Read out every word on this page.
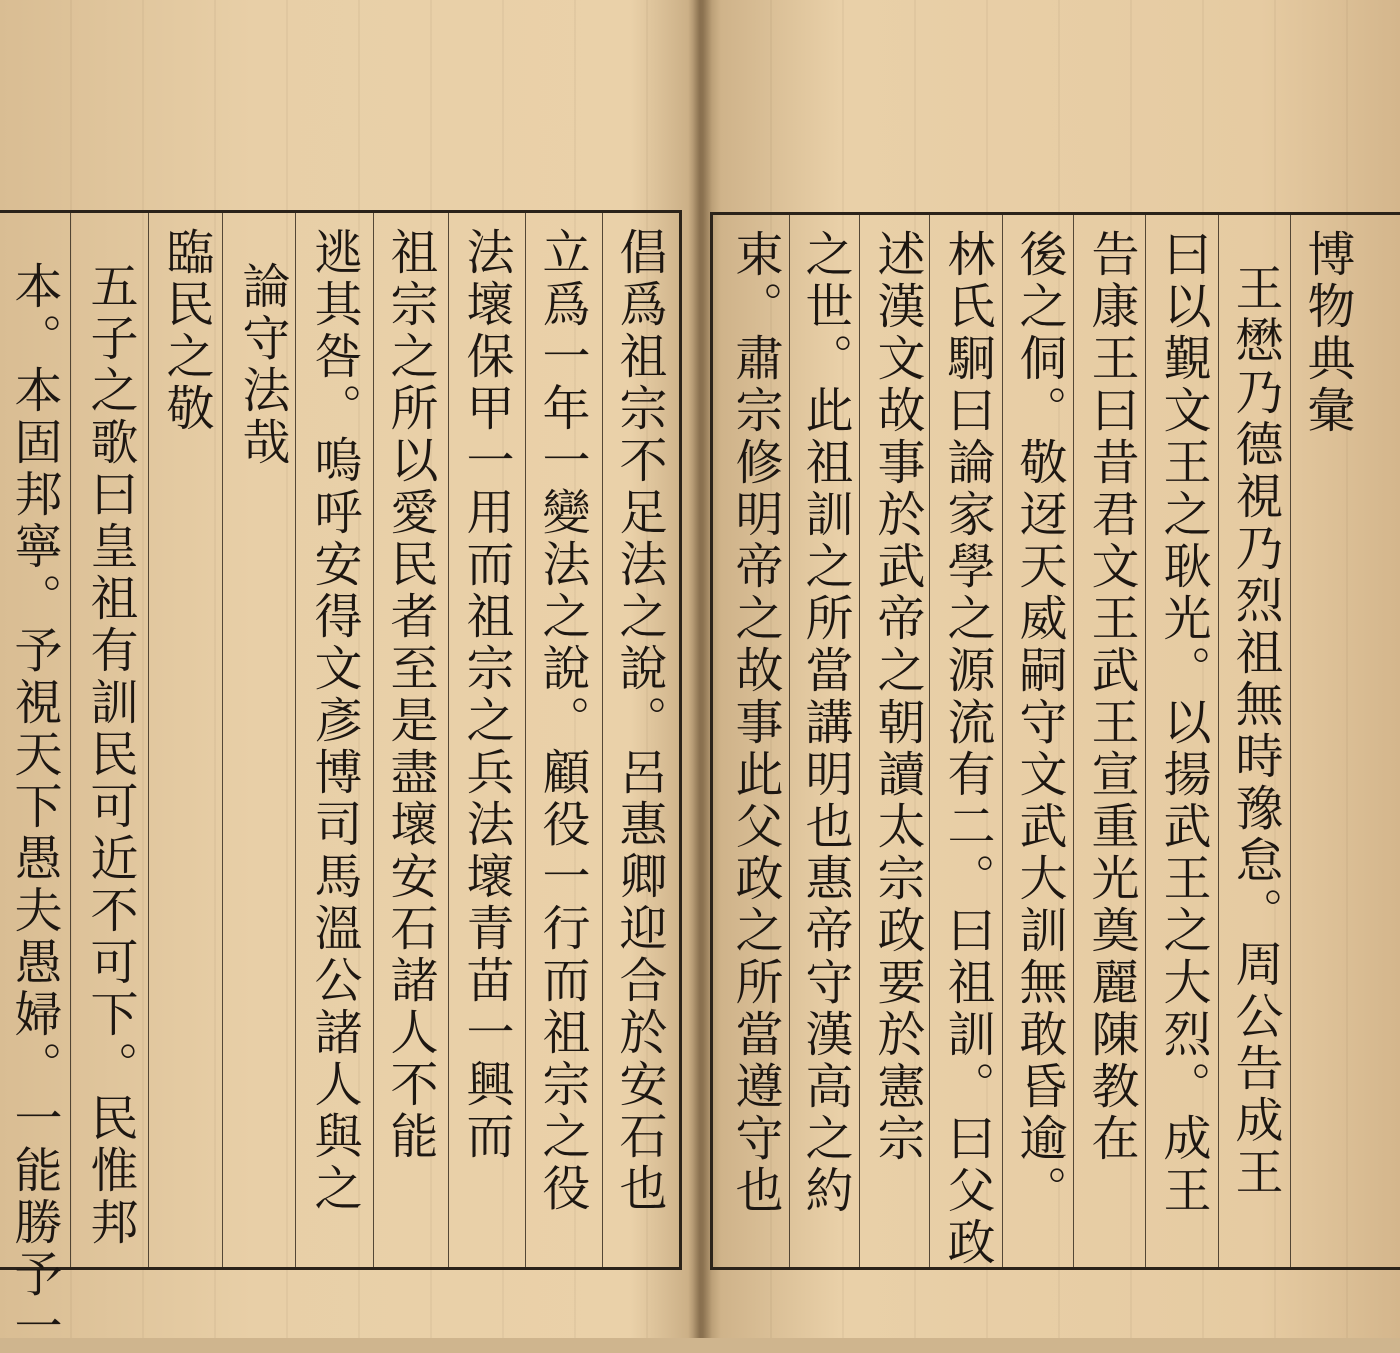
倡爲祖宗不足法之說。呂惠卿迎合於安石也
立爲一年一變法之說。顧役一行而祖宗之役
法壞保甲一用而祖宗之兵法壞青苗一興而
祖宗之所以愛民者至是盡壞安石諸人不能
逃其咎。嗚呼安得文彥博司馬溫公諸人與之
論守法哉
臨民之敬
五子之歌曰皇祖有訓民可近不可下。民惟邦
本。本固邦寧。予視天下愚夫愚婦。一能勝予一	博物典彙
王懋乃德視乃烈祖無時豫怠。周公告成王
曰以覲文王之耿光。以揚武王之大烈。成王
告康王曰昔君文王武王宣重光奠麗陳教在
後之侗。敬迓天威嗣守文武大訓無敢昏逾。
林氏駉曰論家學之源流有二。曰祖訓。曰父政
述漢文故事於武帝之朝讀太宗政要於憲宗
之世。此祖訓之所當講明也惠帝守漢高之約
束。肅宗修明帝之故事此父政之所當遵守也
